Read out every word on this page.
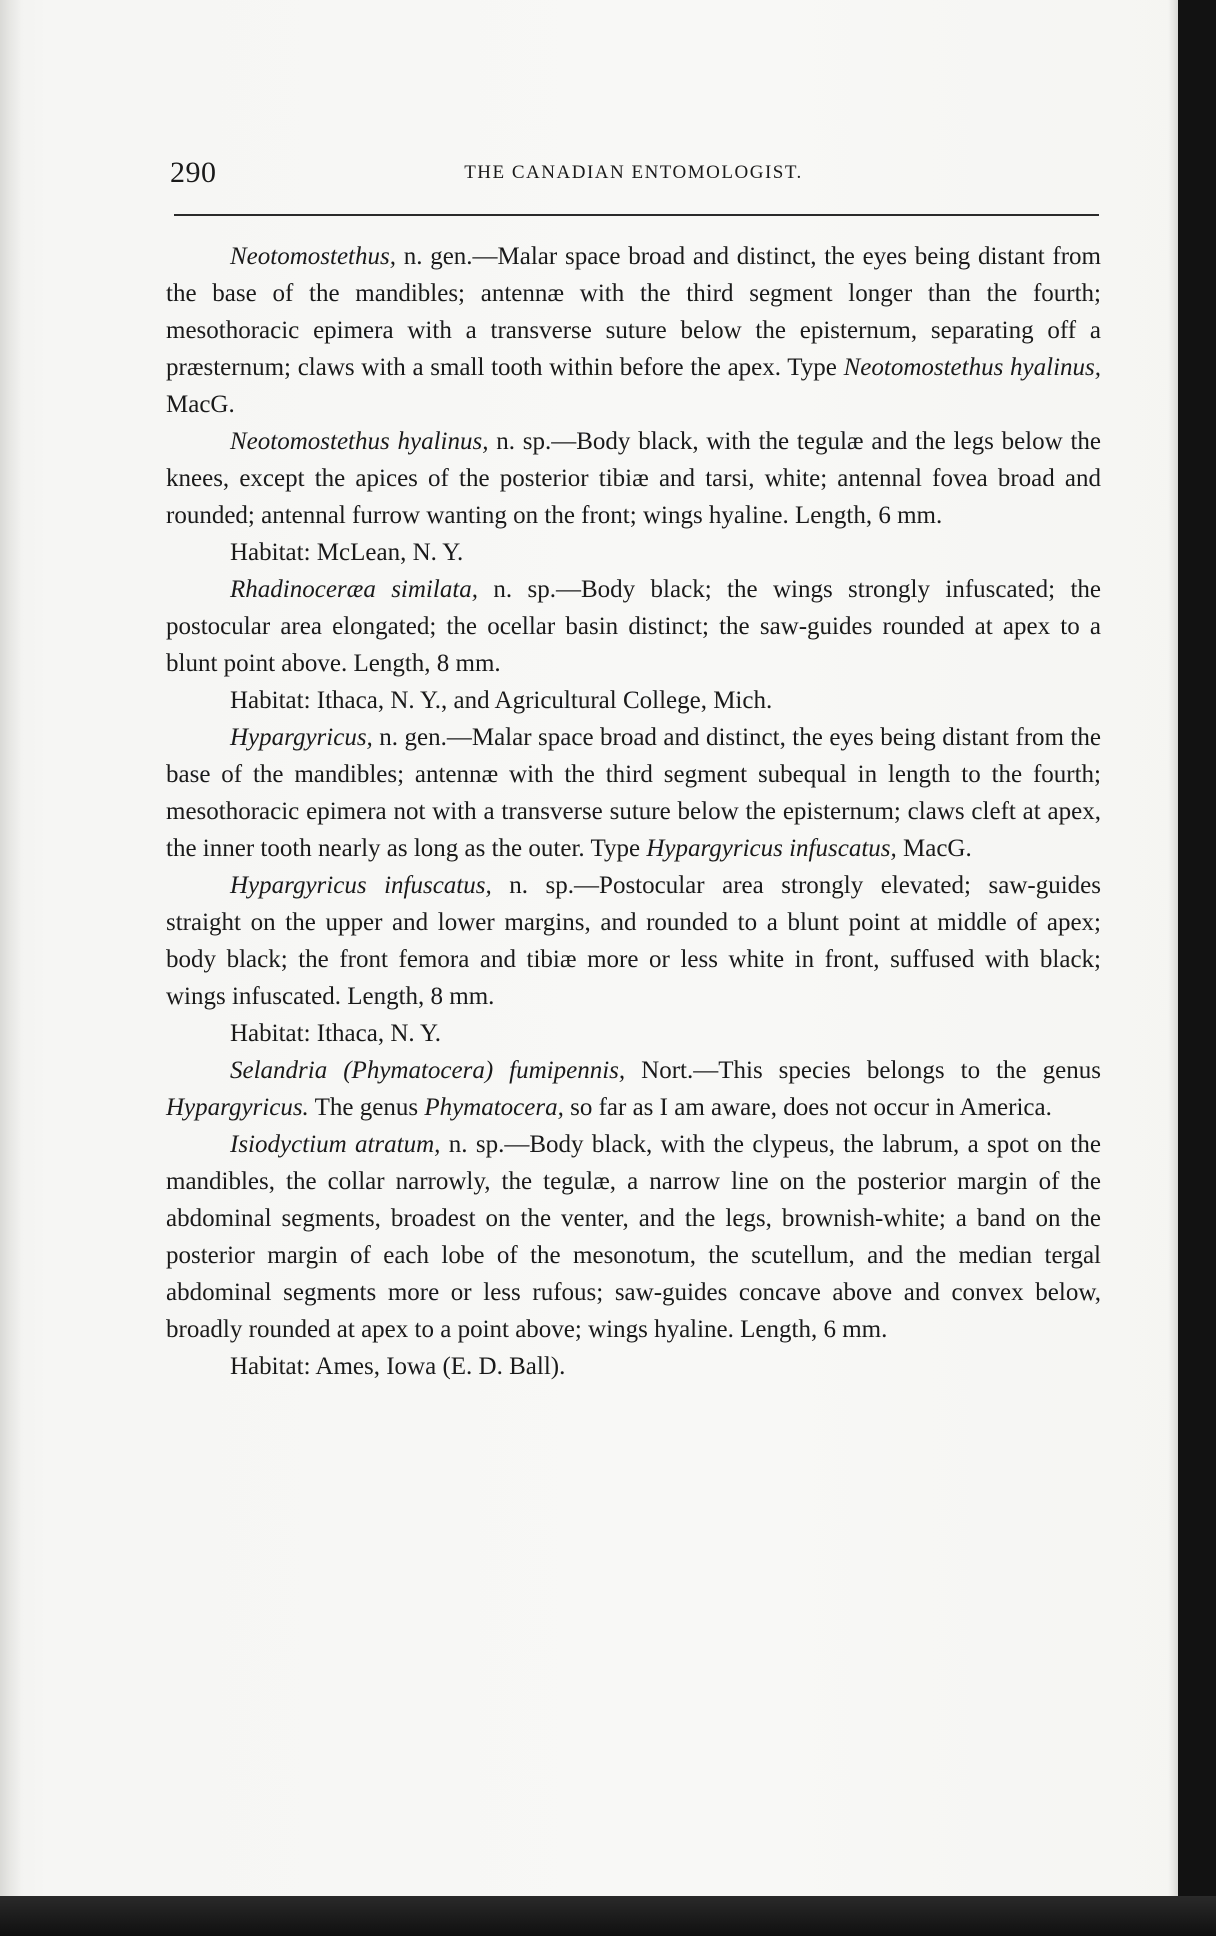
290	THE CANADIAN ENTOMOLOGIST.

Neotomostethus, n. gen.—Malar space broad and distinct, the eyes being distant from the base of the mandibles; antennæ with the third segment longer than the fourth; mesothoracic epimera with a transverse suture below the episternum, separating off a præsternum; claws with a small tooth within before the apex. Type Neotomostethus hyalinus, MacG.

Neotomostethus hyalinus, n. sp.—Body black, with the tegulæ and the legs below the knees, except the apices of the posterior tibiæ and tarsi, white; antennal fovea broad and rounded; antennal furrow wanting on the front; wings hyaline. Length, 6 mm.

Habitat: McLean, N. Y.

Rhadinoceræa similata, n. sp.—Body black; the wings strongly infuscated; the postocular area elongated; the ocellar basin distinct; the saw-guides rounded at apex to a blunt point above. Length, 8 mm.

Habitat: Ithaca, N. Y., and Agricultural College, Mich.

Hypargyricus, n. gen.—Malar space broad and distinct, the eyes being distant from the base of the mandibles; antennæ with the third segment subequal in length to the fourth; mesothoracic epimera not with a transverse suture below the episternum; claws cleft at apex, the inner tooth nearly as long as the outer. Type Hypargyricus infuscatus, MacG.

Hypargyricus infuscatus, n. sp.—Postocular area strongly elevated; saw-guides straight on the upper and lower margins, and rounded to a blunt point at middle of apex; body black; the front femora and tibiæ more or less white in front, suffused with black; wings infuscated. Length, 8 mm.

Habitat: Ithaca, N. Y.

Selandria (Phymatocera) fumipennis, Nort.—This species belongs to the genus Hypargyricus. The genus Phymatocera, so far as I am aware, does not occur in America.

Isiodyctium atratum, n. sp.—Body black, with the clypeus, the labrum, a spot on the mandibles, the collar narrowly, the tegulæ, a narrow line on the posterior margin of the abdominal segments, broadest on the venter, and the legs, brownish-white; a band on the posterior margin of each lobe of the mesonotum, the scutellum, and the median tergal abdominal segments more or less rufous; saw-guides concave above and convex below, broadly rounded at apex to a point above; wings hyaline. Length, 6 mm.

Habitat: Ames, Iowa (E. D. Ball).
